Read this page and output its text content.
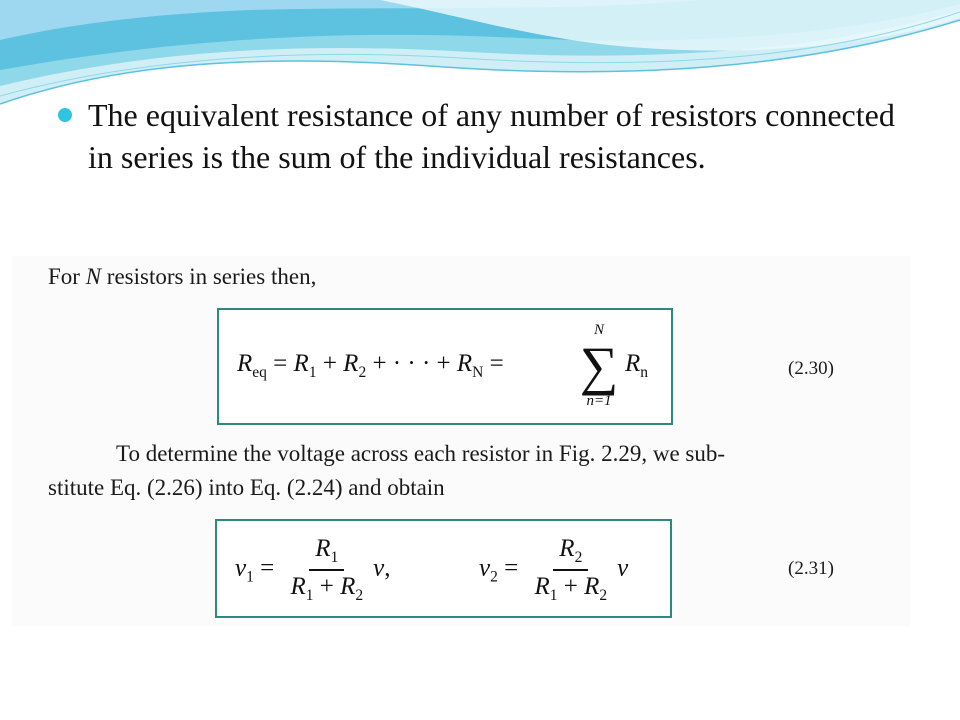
The equivalent resistance of any number of resistors connected in series is the sum of the individual resistances.
For N resistors in series then,
$R_{eq} = R_1 + R_2$ + · · · + $R_N$ =
N
∑
n=1
$R_n$	(2.30)
To determine the voltage across each resistor in Fig. 2.29, we sub-
stitute Eq. (2.26) into Eq. (2.24) and obtain
$v_1 = \frac{R_1}{R_1 + R_2} v$,	$v_2 = \frac{R_2}{R_1 + R_2}$ v	(2.31)
